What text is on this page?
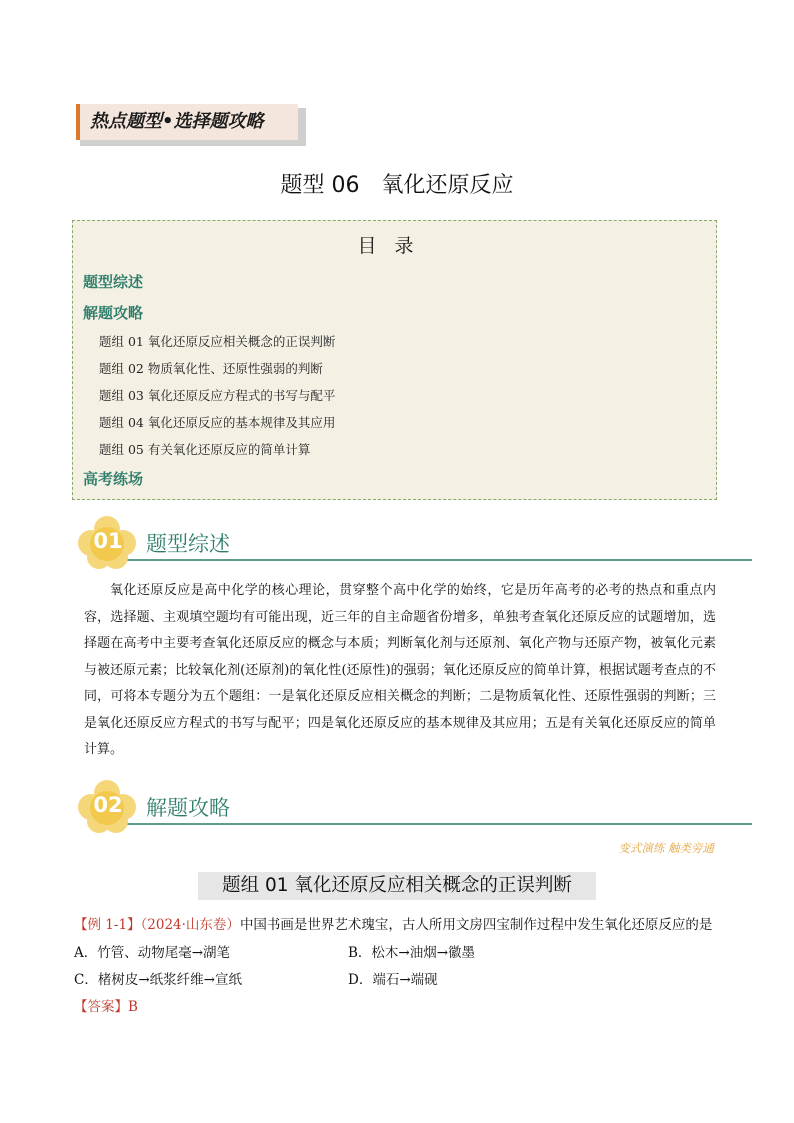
热点题型•选择题攻略
题型 06 氧化还原反应
目录
题型综述
解题攻略
题组 01 氧化还原反应相关概念的正误判断
题组 02 物质氧化性、还原性强弱的判断
题组 03 氧化还原反应方程式的书写与配平
题组 04 氧化还原反应的基本规律及其应用
题组 05 有关氧化还原反应的简单计算
高考练场
01	题型综述
氧化还原反应是高中化学的核心理论，贯穿整个高中化学的始终，它是历年高考的必考的热点和重点内容，选择题、主观填空题均有可能出现，近三年的自主命题省份增多，单独考查氧化还原反应的试题增加，选择题在高考中主要考查氧化还原反应的概念与本质；判断氧化剂与还原剂、氧化产物与还原产物，被氧化元素与被还原元素；比较氧化剂(还原剂)的氧化性(还原性)的强弱；氧化还原反应的简单计算，根据试题考查点的不同，可将本专题分为五个题组：一是氧化还原反应相关概念的判断；二是物质氧化性、还原性强弱的判断；三是氧化还原反应方程式的书写与配平；四是氧化还原反应的基本规律及其应用；五是有关氧化还原反应的简单计算。
02	解题攻略
变式演练 触类旁通
题组 01 氧化还原反应相关概念的正误判断
【例 1-1】（2024·山东卷）中国书画是世界艺术瑰宝，古人所用文房四宝制作过程中发生氧化还原反应的是
A．竹管、动物尾毫→湖笔	B．松木→油烟→徽墨
C．楮树皮→纸浆纤维→宣纸	D．端石→端砚
【答案】B
